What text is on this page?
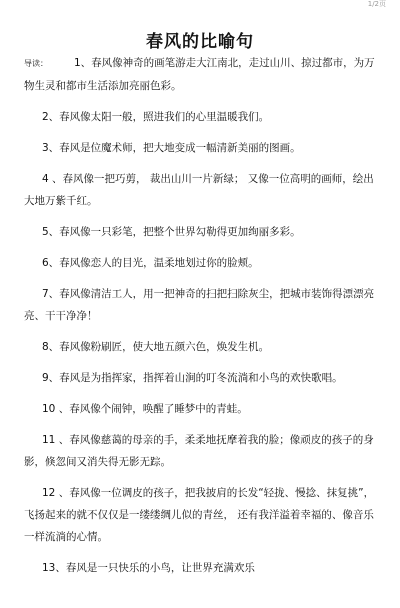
1/2页
春风的比喻句

导读： 1、春风像神奇的画笔游走大江南北，走过山川、掠过都市，为万物生灵和都市生活添加亮丽色彩。

2、春风像太阳一般，照进我们的心里温暖我们。

3、春风是位魔术师，把大地变成一幅清新美丽的图画。

4 、春风像一把巧剪， 裁出山川一片新绿； 又像一位高明的画师，绘出大地万紫千红。

5、春风像一只彩笔，把整个世界勾勒得更加绚丽多彩。

6、春风像恋人的目光，温柔地划过你的脸颊。

7、春风像清洁工人，用一把神奇的扫把扫除灰尘，把城市装饰得漂漂亮亮、干干净净！

8、春风像粉刷匠，使大地五颜六色，焕发生机。

9、春风是为指挥家，指挥着山涧的叮冬流淌和小鸟的欢快歌唱。

10 、春风像个闹钟，唤醒了睡梦中的青蛙。

11 、春风像慈蔼的母亲的手，柔柔地抚摩着我的脸；像顽皮的孩子的身影，倏忽间又消失得无影无踪。

12 、春风像一位调皮的孩子，把我披肩的长发“轻拢、慢捻、抹复挑”， 飞扬起来的就不仅仅是一缕缕绸儿似的青丝， 还有我洋溢着幸福的、像音乐一样流淌的心情。

13、春风是一只快乐的小鸟，让世界充满欢乐
